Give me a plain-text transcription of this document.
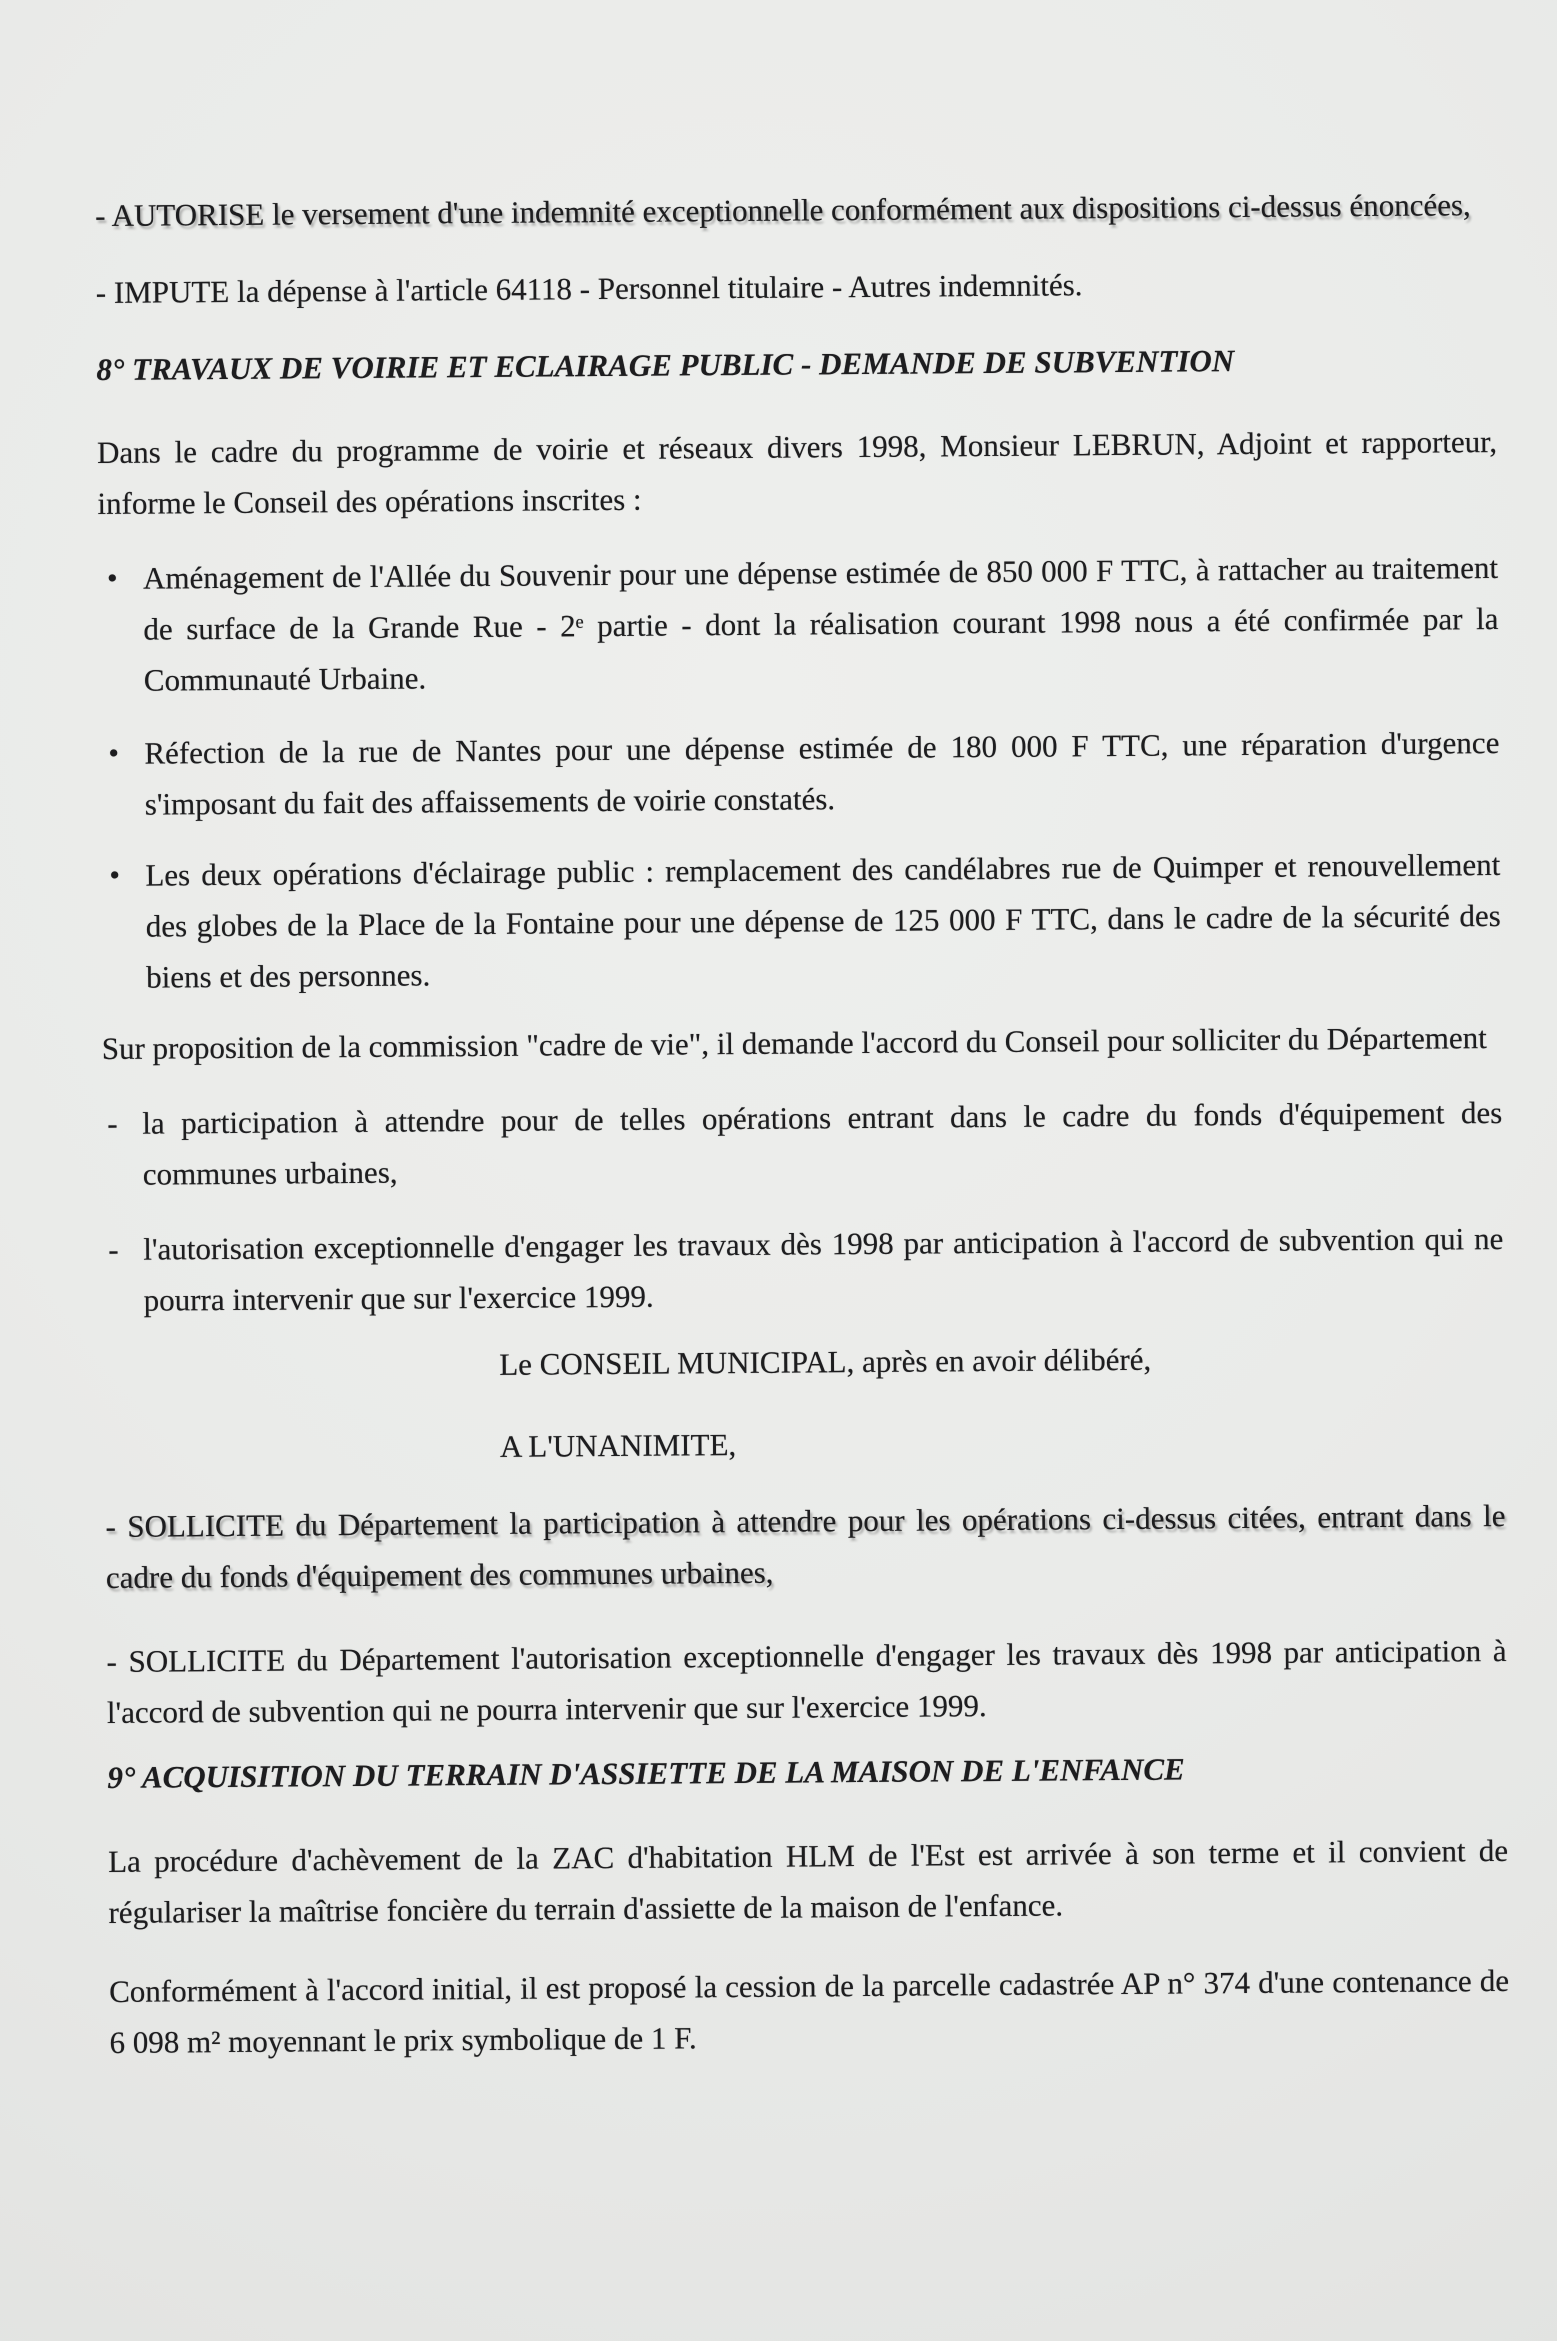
- AUTORISE le versement d'une indemnité exceptionnelle conformément aux dispositions ci-dessus énoncées,

- IMPUTE la dépense à l'article 64118 - Personnel titulaire - Autres indemnités.

8° TRAVAUX DE VOIRIE ET ECLAIRAGE PUBLIC - DEMANDE DE SUBVENTION

Dans le cadre du programme de voirie et réseaux divers 1998, Monsieur LEBRUN, Adjoint et rapporteur, informe le Conseil des opérations inscrites :

• Aménagement de l'Allée du Souvenir pour une dépense estimée de 850 000 F TTC, à rattacher au traitement de surface de la Grande Rue - 2ᵉ partie - dont la réalisation courant 1998 nous a été confirmée par la Communauté Urbaine.
• Réfection de la rue de Nantes pour une dépense estimée de 180 000 F TTC, une réparation d'urgence s'imposant du fait des affaissements de voirie constatés.
• Les deux opérations d'éclairage public : remplacement des candélabres rue de Quimper et renouvellement des globes de la Place de la Fontaine pour une dépense de 125 000 F TTC, dans le cadre de la sécurité des biens et des personnes.

Sur proposition de la commission "cadre de vie", il demande l'accord du Conseil pour solliciter du Département

- la participation à attendre pour de telles opérations entrant dans le cadre du fonds d'équipement des communes urbaines,
- l'autorisation exceptionnelle d'engager les travaux dès 1998 par anticipation à l'accord de subvention qui ne pourra intervenir que sur l'exercice 1999.

Le CONSEIL MUNICIPAL, après en avoir délibéré,

A L'UNANIMITE,

- SOLLICITE du Département la participation à attendre pour les opérations ci-dessus citées, entrant dans le cadre du fonds d'équipement des communes urbaines,

- SOLLICITE du Département l'autorisation exceptionnelle d'engager les travaux dès 1998 par anticipation à l'accord de subvention qui ne pourra intervenir que sur l'exercice 1999.

9° ACQUISITION DU TERRAIN D'ASSIETTE DE LA MAISON DE L'ENFANCE

La procédure d'achèvement de la ZAC d'habitation HLM de l'Est est arrivée à son terme et il convient de régulariser la maîtrise foncière du terrain d'assiette de la maison de l'enfance.

Conformément à l'accord initial, il est proposé la cession de la parcelle cadastrée AP n° 374 d'une contenance de 6 098 m² moyennant le prix symbolique de 1 F.
